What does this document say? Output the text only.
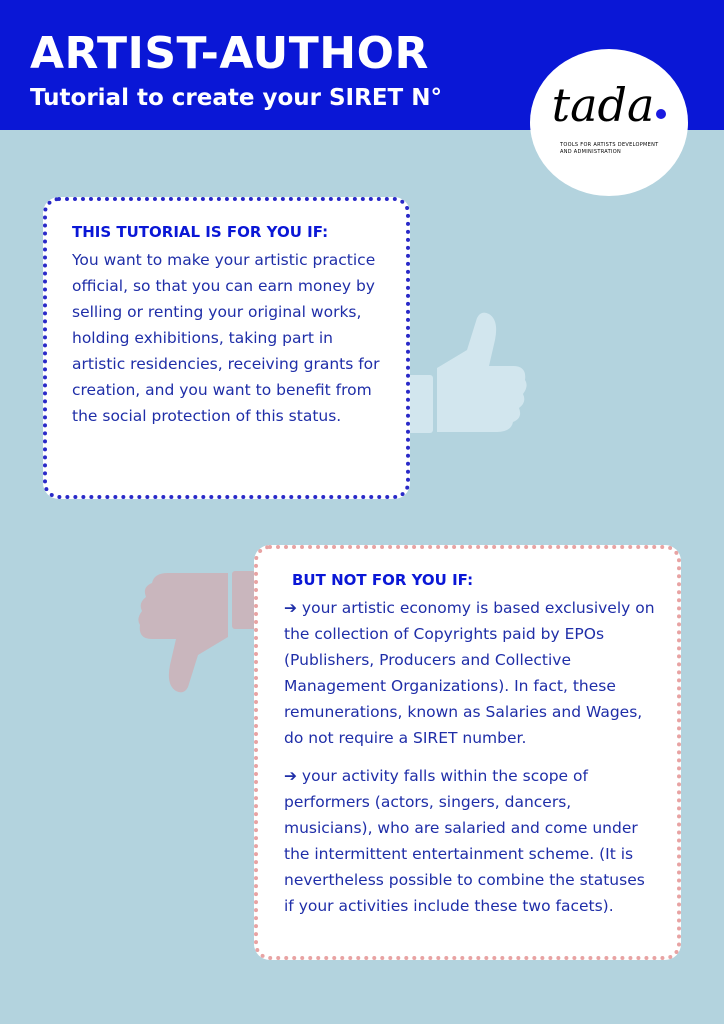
ARTIST-AUTHOR
Tutorial to create your SIRET N°	tada
TOOLS FOR ARTISTS DEVELOPMENT AND ADMINISTRATION
THIS TUTORIAL IS FOR YOU IF:

You want to make your artistic practice official, so that you can earn money by selling or renting your original works, holding exhibitions, taking part in artistic residencies, receiving grants for creation, and you want to benefit from the social protection of this status.

BUT NOT FOR YOU IF:

➔ your artistic economy is based exclusively on the collection of Copyrights paid by EPOs (Publishers, Producers and Collective Management Organizations). In fact, these remunerations, known as Salaries and Wages, do not require a SIRET number.

➔ your activity falls within the scope of performers (actors, singers, dancers, musicians), who are salaried and come under the intermittent entertainment scheme. (It is nevertheless possible to combine the statuses if your activities include these two facets).
